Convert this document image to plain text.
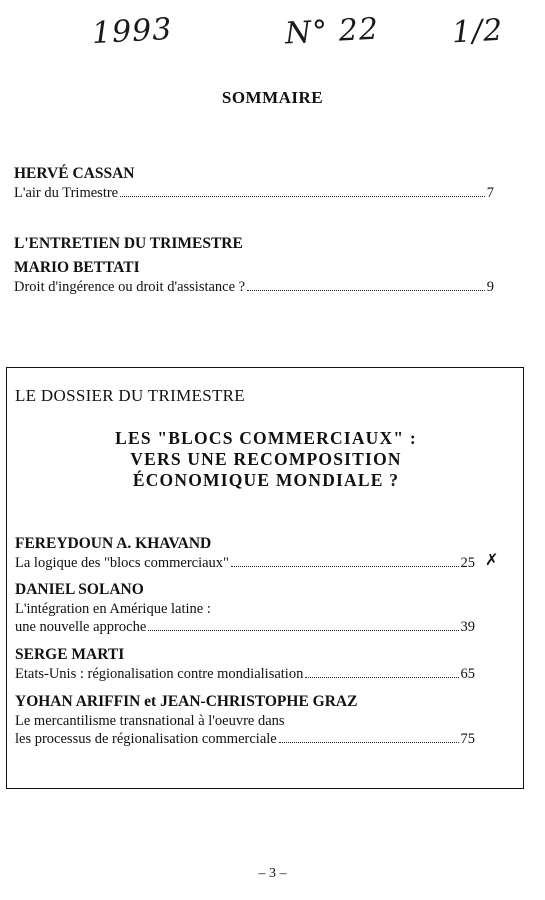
1993	N° 22 1/2
SOMMAIRE
HERVÉ CASSAN
L'air du Trimestre	7
L'ENTRETIEN DU TRIMESTRE
MARIO BETTATI
Droit d'ingérence ou droit d'assistance ?	9
LE DOSSIER DU TRIMESTRE
LES "BLOCS COMMERCIAUX" :
VERS UNE RECOMPOSITION
ÉCONOMIQUE MONDIALE ?
FEREYDOUN A. KHAVAND
La logique des "blocs commerciaux"	25 ✗
DANIEL SOLANO
L'intégration en Amérique latine :
une nouvelle approche	39
SERGE MARTI
Etats-Unis : régionalisation contre mondialisation	65
YOHAN ARIFFIN et JEAN-CHRISTOPHE GRAZ
Le mercantilisme transnational à l'oeuvre dans
les processus de régionalisation commerciale	75
– 3 –
